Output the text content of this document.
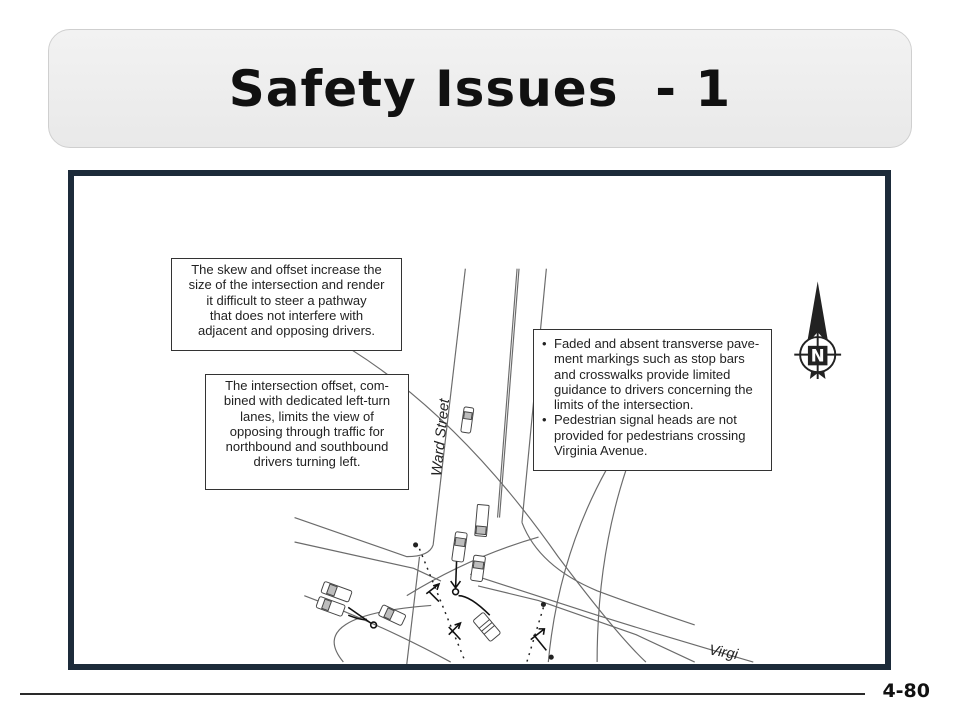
Safety Issues  - 1
Ward Street
Virgi
N
The skew and offset increase the
size of the intersection and render
it difficult to steer a pathway
that does not interfere with
adjacent and opposing drivers.
The intersection offset, com-
bined with dedicated left-turn
lanes, limits the view of
opposing through traffic for
northbound and southbound
drivers turning left.
• Faded and absent transverse pave-
ment markings such as stop bars
and crosswalks provide limited
guidance to drivers concerning the
limits of the intersection.
• Pedestrian signal heads are not
provided for pedestrians crossing
Virginia Avenue.
4-80
